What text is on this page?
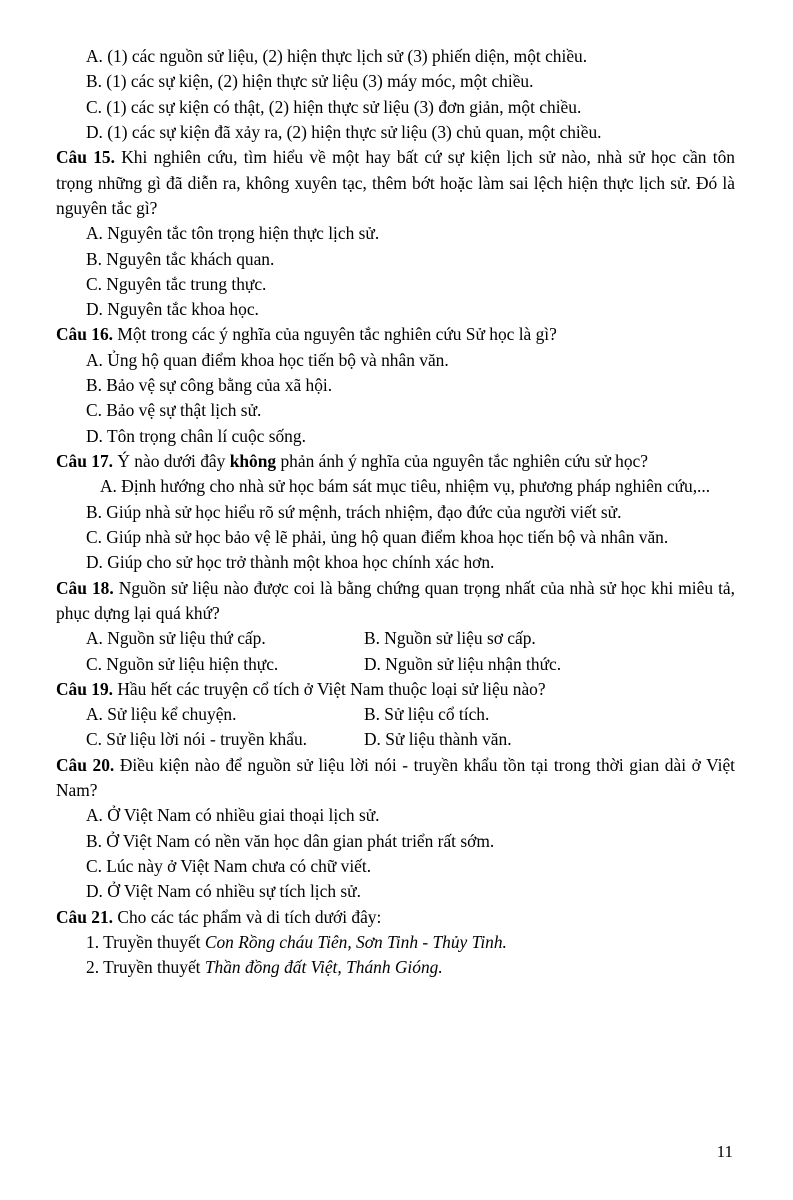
A. (1) các nguồn sử liệu, (2) hiện thực lịch sử (3) phiến diện, một chiều.
B. (1) các sự kiện, (2) hiện thực sử liệu (3) máy móc, một chiều.
C. (1) các sự kiện có thật, (2) hiện thực sử liệu (3) đơn giản, một chiều.
D. (1) các sự kiện đã xảy ra, (2) hiện thực sử liệu (3) chủ quan, một chiều.
Câu 15. Khi nghiên cứu, tìm hiểu về một hay bất cứ sự kiện lịch sử nào, nhà sử học cần tôn trọng những gì đã diễn ra, không xuyên tạc, thêm bớt hoặc làm sai lệch hiện thực lịch sử. Đó là nguyên tắc gì?
A. Nguyên tắc tôn trọng hiện thực lịch sử.
B. Nguyên tắc khách quan.
C. Nguyên tắc trung thực.
D. Nguyên tắc khoa học.
Câu 16. Một trong các ý nghĩa của nguyên tắc nghiên cứu Sử học là gì?
A. Ủng hộ quan điểm khoa học tiến bộ và nhân văn.
B. Bảo vệ sự công bằng của xã hội.
C. Bảo vệ sự thật lịch sử.
D. Tôn trọng chân lí cuộc sống.
Câu 17. Ý nào dưới đây không phản ánh ý nghĩa của nguyên tắc nghiên cứu sử học?
A. Định hướng cho nhà sử học bám sát mục tiêu, nhiệm vụ, phương pháp nghiên cứu,...
B. Giúp nhà sử học hiểu rõ sứ mệnh, trách nhiệm, đạo đức của người viết sử.
C. Giúp nhà sử học bảo vệ lẽ phải, ủng hộ quan điểm khoa học tiến bộ và nhân văn.
D. Giúp cho sử học trở thành một khoa học chính xác hơn.
Câu 18. Nguồn sử liệu nào được coi là bằng chứng quan trọng nhất của nhà sử học khi miêu tả, phục dựng lại quá khứ?
A. Nguồn sử liệu thứ cấp.	B. Nguồn sử liệu sơ cấp.
C. Nguồn sử liệu hiện thực.	D. Nguồn sử liệu nhận thức.
Câu 19. Hầu hết các truyện cổ tích ở Việt Nam thuộc loại sử liệu nào?
A. Sử liệu kể chuyện.	B. Sử liệu cổ tích.
C. Sử liệu lời nói - truyền khẩu.	D. Sử liệu thành văn.
Câu 20. Điều kiện nào để nguồn sử liệu lời nói - truyền khẩu tồn tại trong thời gian dài ở Việt Nam?
A. Ở Việt Nam có nhiều giai thoại lịch sử.
B. Ở Việt Nam có nền văn học dân gian phát triển rất sớm.
C. Lúc này ở Việt Nam chưa có chữ viết.
D. Ở Việt Nam có nhiều sự tích lịch sử.
Câu 21. Cho các tác phẩm và di tích dưới đây:
1. Truyền thuyết Con Rồng cháu Tiên, Sơn Tinh - Thủy Tinh.
2. Truyền thuyết Thần đồng đất Việt, Thánh Gióng.
11
